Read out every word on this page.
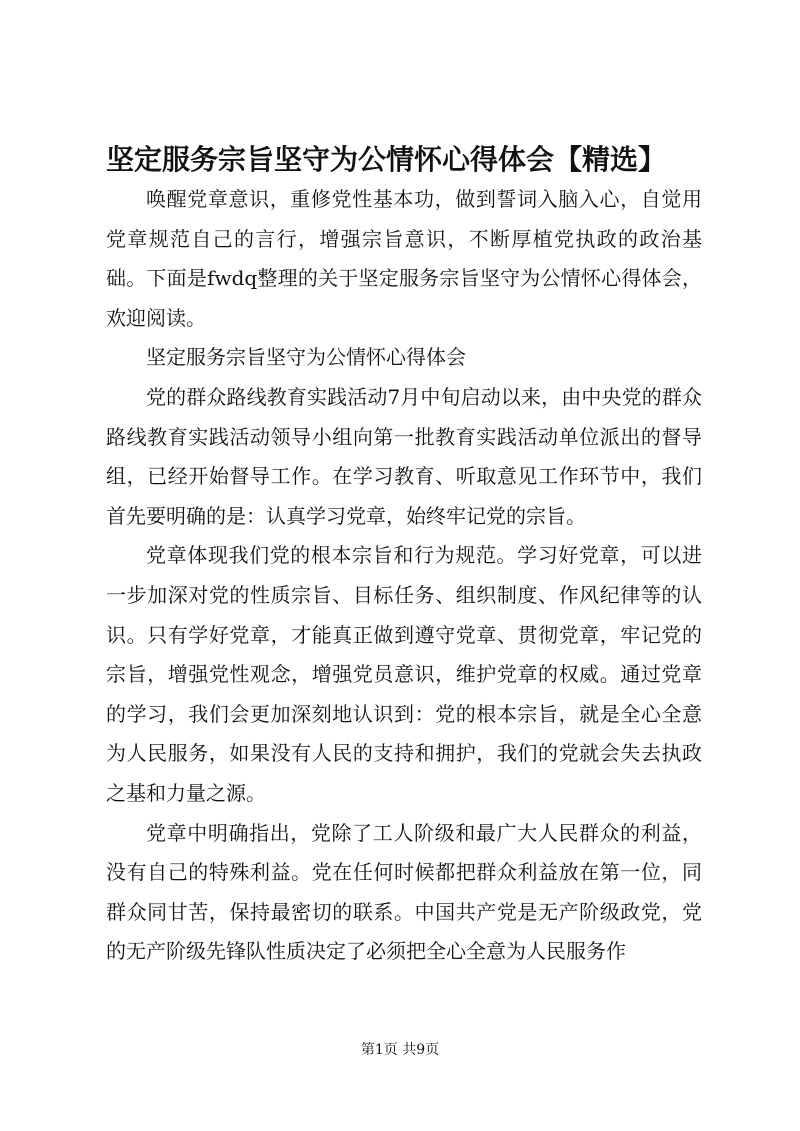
坚定服务宗旨坚守为公情怀心得体会【精选】

唤醒党章意识，重修党性基本功，做到誓词入脑入心，自觉用党章规范自己的言行，增强宗旨意识，不断厚植党执政的政治基础。下面是fwdq整理的关于坚定服务宗旨坚守为公情怀心得体会，欢迎阅读。

坚定服务宗旨坚守为公情怀心得体会

党的群众路线教育实践活动7月中旬启动以来，由中央党的群众路线教育实践活动领导小组向第一批教育实践活动单位派出的督导组，已经开始督导工作。在学习教育、听取意见工作环节中，我们首先要明确的是：认真学习党章，始终牢记党的宗旨。

党章体现我们党的根本宗旨和行为规范。学习好党章，可以进一步加深对党的性质宗旨、目标任务、组织制度、作风纪律等的认识。只有学好党章，才能真正做到遵守党章、贯彻党章，牢记党的宗旨，增强党性观念，增强党员意识，维护党章的权威。通过党章的学习，我们会更加深刻地认识到：党的根本宗旨，就是全心全意为人民服务，如果没有人民的支持和拥护，我们的党就会失去执政之基和力量之源。

党章中明确指出，党除了工人阶级和最广大人民群众的利益，没有自己的特殊利益。党在任何时候都把群众利益放在第一位，同群众同甘苦，保持最密切的联系。中国共产党是无产阶级政党，党的无产阶级先锋队性质决定了必须把全心全意为人民服务作

第1页 共9页
